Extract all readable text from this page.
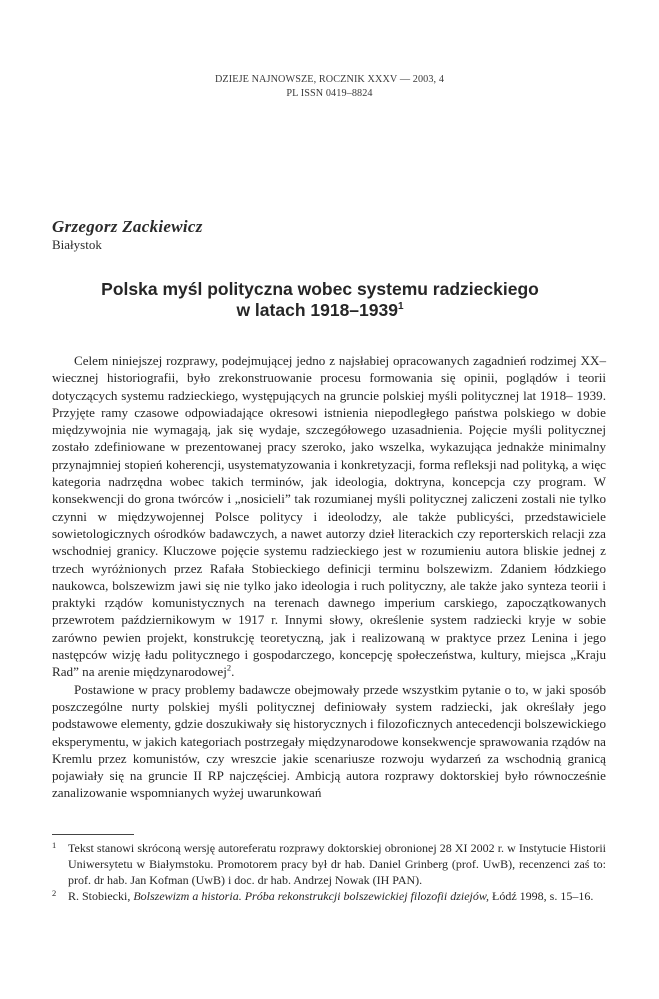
DZIEJE NAJNOWSZE, ROCZNIK XXXV — 2003, 4
PL ISSN 0419–8824
Grzegorz Zackiewicz
Białystok
Polska myśl polityczna wobec systemu radzieckiego
w latach 1918–1939$^1$

Celem niniejszej rozprawy, podejmującej jedno z najsłabiej opracowanych zagadnień rodzimej XX–wiecznej historiografii, było zrekonstruowanie procesu formowania się opinii, poglądów i teorii dotyczących systemu radzieckiego, występujących na gruncie polskiej myśli politycznej lat 1918– 1939. Przyjęte ramy czasowe odpowiadające okresowi istnienia niepodległego państwa polskiego w dobie międzywojnia nie wymagają, jak się wydaje, szczegółowego uzasadnienia. Pojęcie myśli politycznej zostało zdefiniowane w prezentowanej pracy szeroko, jako wszelka, wykazująca jednakże minimalny przynajmniej stopień koherencji, usystematyzowania i konkretyzacji, forma refleksji nad polityką, a więc kategoria nadrzędna wobec takich terminów, jak ideologia, doktryna, koncepcja czy program. W konsekwencji do grona twórców i „nosicieli” tak rozumianej myśli politycznej zaliczeni zostali nie tylko czynni w międzywojennej Polsce politycy i ideolodzy, ale także publicyści, przedstawiciele sowietologicznych ośrodków badawczych, a nawet autorzy dzieł literackich czy reporterskich relacji zza wschodniej granicy. Kluczowe pojęcie systemu radzieckiego jest w rozumieniu autora bliskie jednej z trzech wyróżnionych przez Rafała Stobieckiego definicji terminu bolszewizm. Zdaniem łódzkiego naukowca, bolszewizm jawi się nie tylko jako ideologia i ruch polityczny, ale także jako synteza teorii i praktyki rządów komunistycznych na terenach dawnego imperium carskiego, zapoczątkowanych przewrotem październikowym w 1917 r. Innymi słowy, określenie system radziecki kryje w sobie zarówno pewien projekt, konstrukcję teoretyczną, jak i realizowaną w praktyce przez Lenina i jego następców wizję ładu politycznego i gospodarczego, koncepcję społeczeństwa, kultury, miejsca „Kraju Rad” na arenie międzynarodowej$^2$.

Postawione w pracy problemy badawcze obejmowały przede wszystkim pytanie o to, w jaki sposób poszczególne nurty polskiej myśli politycznej definiowały system radziecki, jak określały jego podstawowe elementy, gdzie doszukiwały się historycznych i filozoficznych antecedencji bolszewickiego eksperymentu, w jakich kategoriach postrzegały międzynarodowe konsekwencje sprawowania rządów na Kremlu przez komunistów, czy wreszcie jakie scenariusze rozwoju wydarzeń za wschodnią granicą pojawiały się na gruncie II RP najczęściej. Ambicją autora rozprawy doktorskiej było równocześnie zanalizowanie wspomnianych wyżej uwarunkowań

1 Tekst stanowi skróconą wersję autoreferatu rozprawy doktorskiej obronionej 28 XI 2002 r. w Instytucie Historii Uniwersytetu w Białymstoku. Promotorem pracy był dr hab. Daniel Grinberg (prof. UwB), recenzenci zaś to: prof. dr hab. Jan Kofman (UwB) i doc. dr hab. Andrzej Nowak (IH PAN).
2 R. Stobiecki, Bolszewizm a historia. Próba rekonstrukcji bolszewickiej filozofii dziejów, Łódź 1998, s. 15–16.
